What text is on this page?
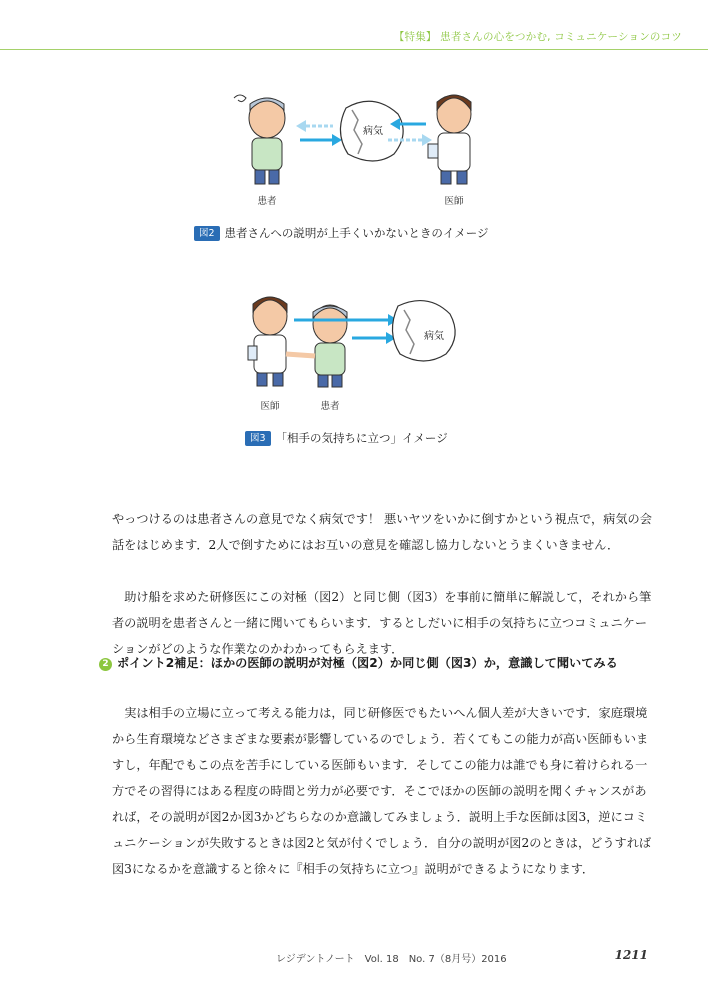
【特集】 患者さんの心をつかむ, コミュニケーションのコツ
病気
患者	医師
図2 患者さんへの説明が上手くいかないときのイメージ
病気
医師	患者
図3 「相手の気持ちに立つ」イメージ

やっつけるのは患者さんの意見でなく病気です！ 悪いヤツをいかに倒すかという視点で，病気の会話をはじめます．2人で倒すためにはお互いの意見を確認し協力しないとうまくいきません．

助け船を求めた研修医にこの対極（図2）と同じ側（図3）を事前に簡単に解説して，それから筆者の説明を患者さんと一緒に聞いてもらいます．するとしだいに相手の気持ちに立つコミュニケーションがどのような作業なのかわかってもらえます．

2 ポイント2補足：ほかの医師の説明が対極（図2）か同じ側（図3）か，意識して聞いてみる

実は相手の立場に立って考える能力は，同じ研修医でもたいへん個人差が大きいです．家庭環境から生育環境などさまざまな要素が影響しているのでしょう．若くてもこの能力が高い医師もいますし，年配でもこの点を苦手にしている医師もいます．そしてこの能力は誰でも身に着けられる一方でその習得にはある程度の時間と労力が必要です．そこでほかの医師の説明を聞くチャンスがあれば，その説明が図2か図3かどちらなのか意識してみましょう．説明上手な医師は図3，逆にコミュニケーションが失敗するときは図2と気が付くでしょう．自分の説明が図2のときは，どうすれば図3になるかを意識すると徐々に『相手の気持ちに立つ』説明ができるようになります．

レジデントノート　Vol. 18　No. 7（8月号）2016	1211
